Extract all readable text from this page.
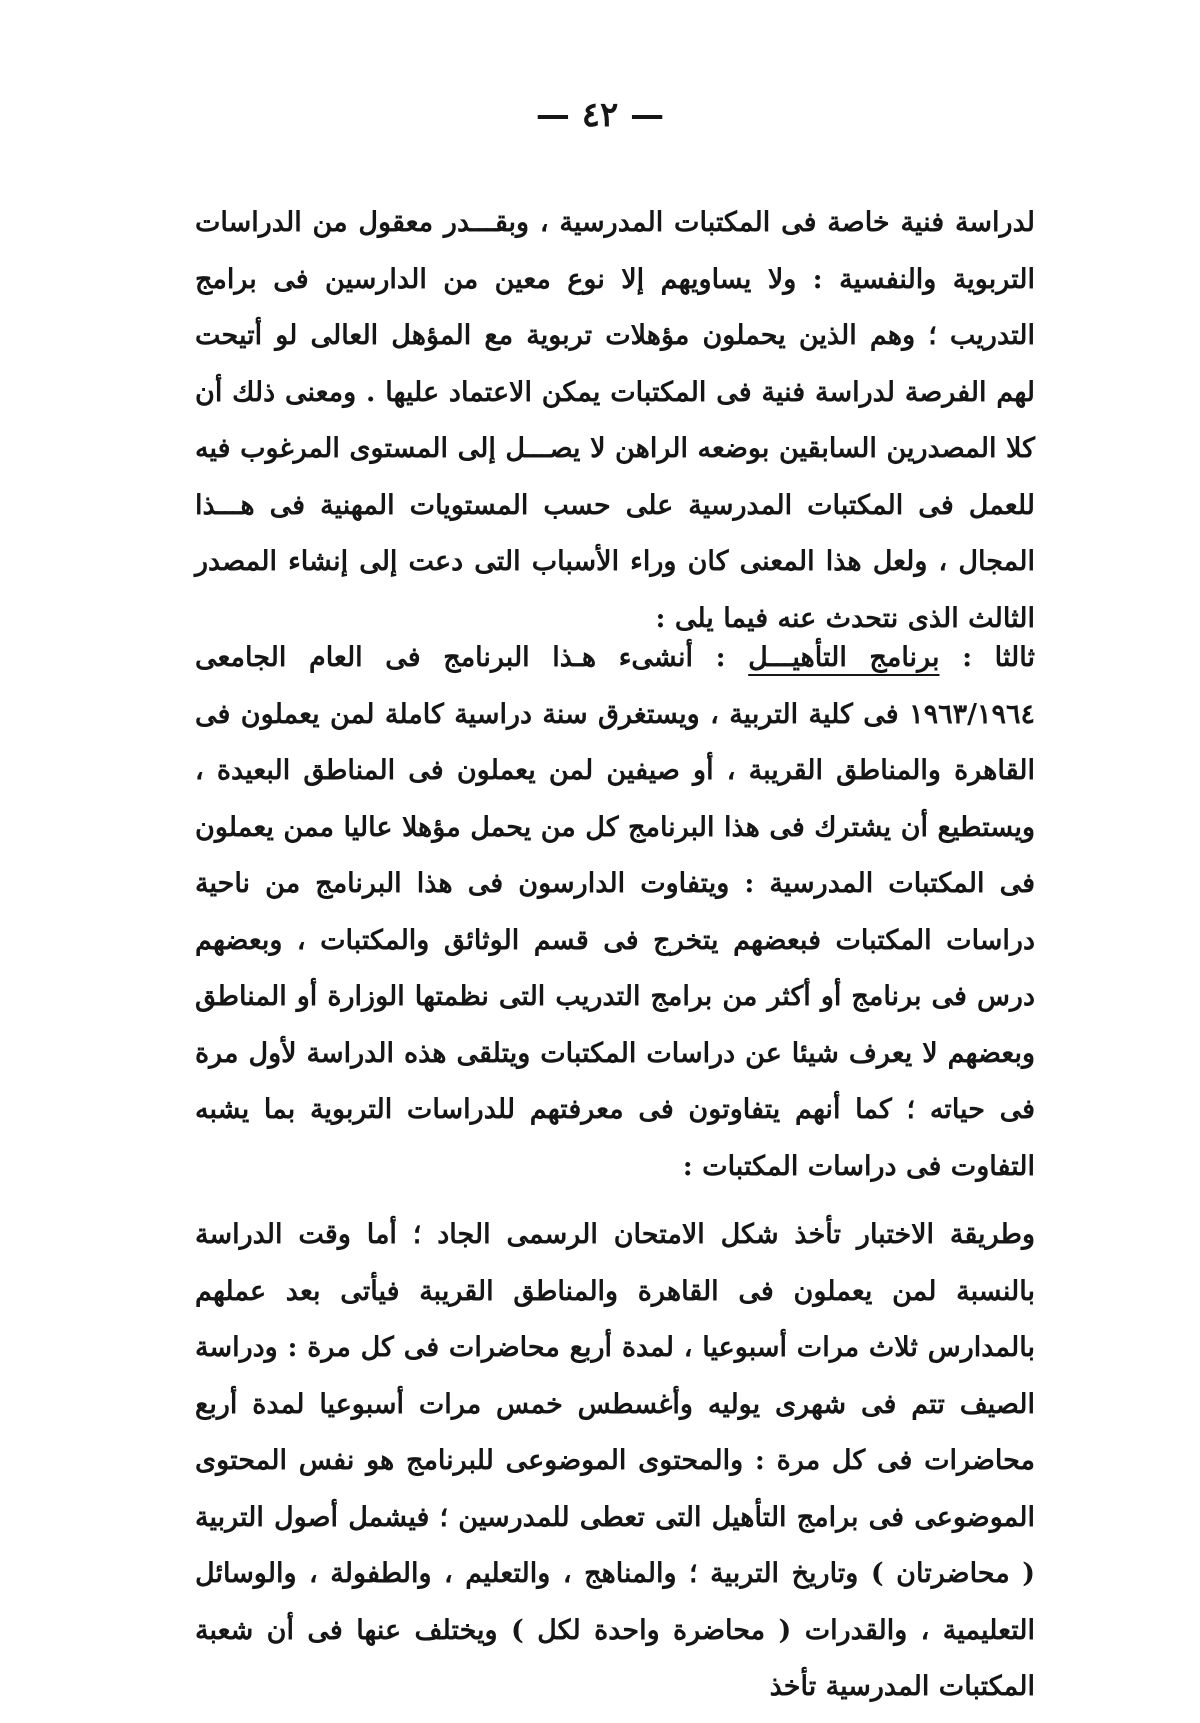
— ٤٢ —

لدراسة فنية خاصة فى المكتبات المدرسية ، وبقـــدر معقول من الدراسات التربوية والنفسية : ولا يساويهم إلا نوع معين من الدارسين فى برامج التدريب ؛ وهم الذين يحملون مؤهلات تربوية مع المؤهل العالى لو أتيحت لهم الفرصة لدراسة فنية فى المكتبات يمكن الاعتماد عليها . ومعنى ذلك أن كلا المصدرين السابقين بوضعه الراهن لا يصـــل إلى المستوى المرغوب فيه للعمل فى المكتبات المدرسية على حسب المستويات المهنية فى هـــذا المجال ، ولعل هذا المعنى كان وراء الأسباب التى دعت إلى إنشاء المصدر الثالث الذى نتحدث عنه فيما يلى :

ثالثا : برنامج التأهيـــل : أنشىء هـذا البرنامج فى العام الجامعى ١٩٦٣/١٩٦٤ فى كلية التربية ، ويستغرق سنة دراسية كاملة لمن يعملون فى القاهرة والمناطق القريبة ، أو صيفين لمن يعملون فى المناطق البعيدة ، ويستطيع أن يشترك فى هذا البرنامج كل من يحمل مؤهلا عاليا ممن يعملون فى المكتبات المدرسية : ويتفاوت الدارسون فى هذا البرنامج من ناحية دراسات المكتبات فبعضهم يتخرج فى قسم الوثائق والمكتبات ، وبعضهم درس فى برنامج أو أكثر من برامج التدريب التى نظمتها الوزارة أو المناطق وبعضهم لا يعرف شيئا عن دراسات المكتبات ويتلقى هذه الدراسة لأول مرة فى حياته ؛ كما أنهم يتفاوتون فى معرفتهم للدراسات التربوية بما يشبه التفاوت فى دراسات المكتبات :

وطريقة الاختبار تأخذ شكل الامتحان الرسمى الجاد ؛ أما وقت الدراسة بالنسبة لمن يعملون فى القاهرة والمناطق القريبة فيأتى بعد عملهم بالمدارس ثلاث مرات أسبوعيا ، لمدة أربع محاضرات فى كل مرة : ودراسة الصيف تتم فى شهرى يوليه وأغسطس خمس مرات أسبوعيا لمدة أربع محاضرات فى كل مرة : والمحتوى الموضوعى للبرنامج هو نفس المحتوى الموضوعى فى برامج التأهيل التى تعطى للمدرسين ؛ فيشمل أصول التربية ( محاضرتان ) وتاريخ التربية ؛ والمناهج ، والتعليم ، والطفولة ، والوسائل التعليمية ، والقدرات ( محاضرة واحدة لكل ) ويختلف عنها فى أن شعبة المكتبات المدرسية تأخذ
